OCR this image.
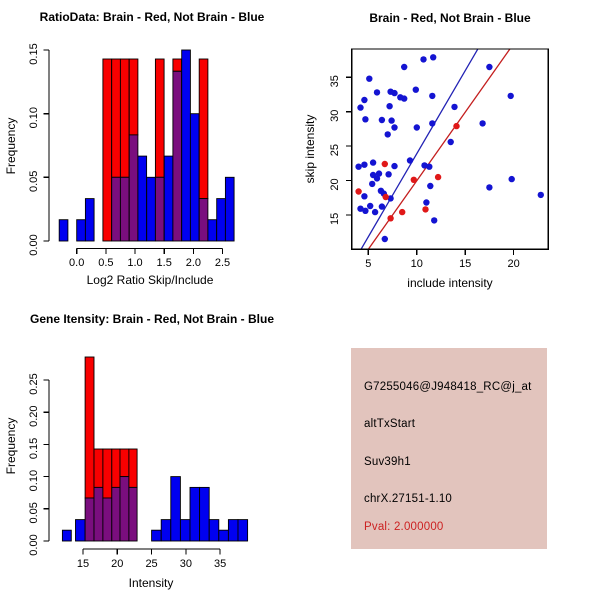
0.00
0.05
0.10
0.15
0.0 0.5 1.0 1.5 2.0 2.5
RatioData: Brain - Red, Not Brain - Blue
Log2 Ratio Skip/Include
Frequency
5	10	15	20
15
20
25
30
35
Brain - Red, Not Brain - Blue
include intensity
skip intensity
0.00
0.05
0.10
0.15
0.20
0.25
15 20 25 30 35
Gene Itensity: Brain - Red, Not Brain - Blue
Intensity
Frequency
G7255046@J948418_RC@j_at
altTxStart
Suv39h1
chrX.27151-1.10
Pval: 2.000000
